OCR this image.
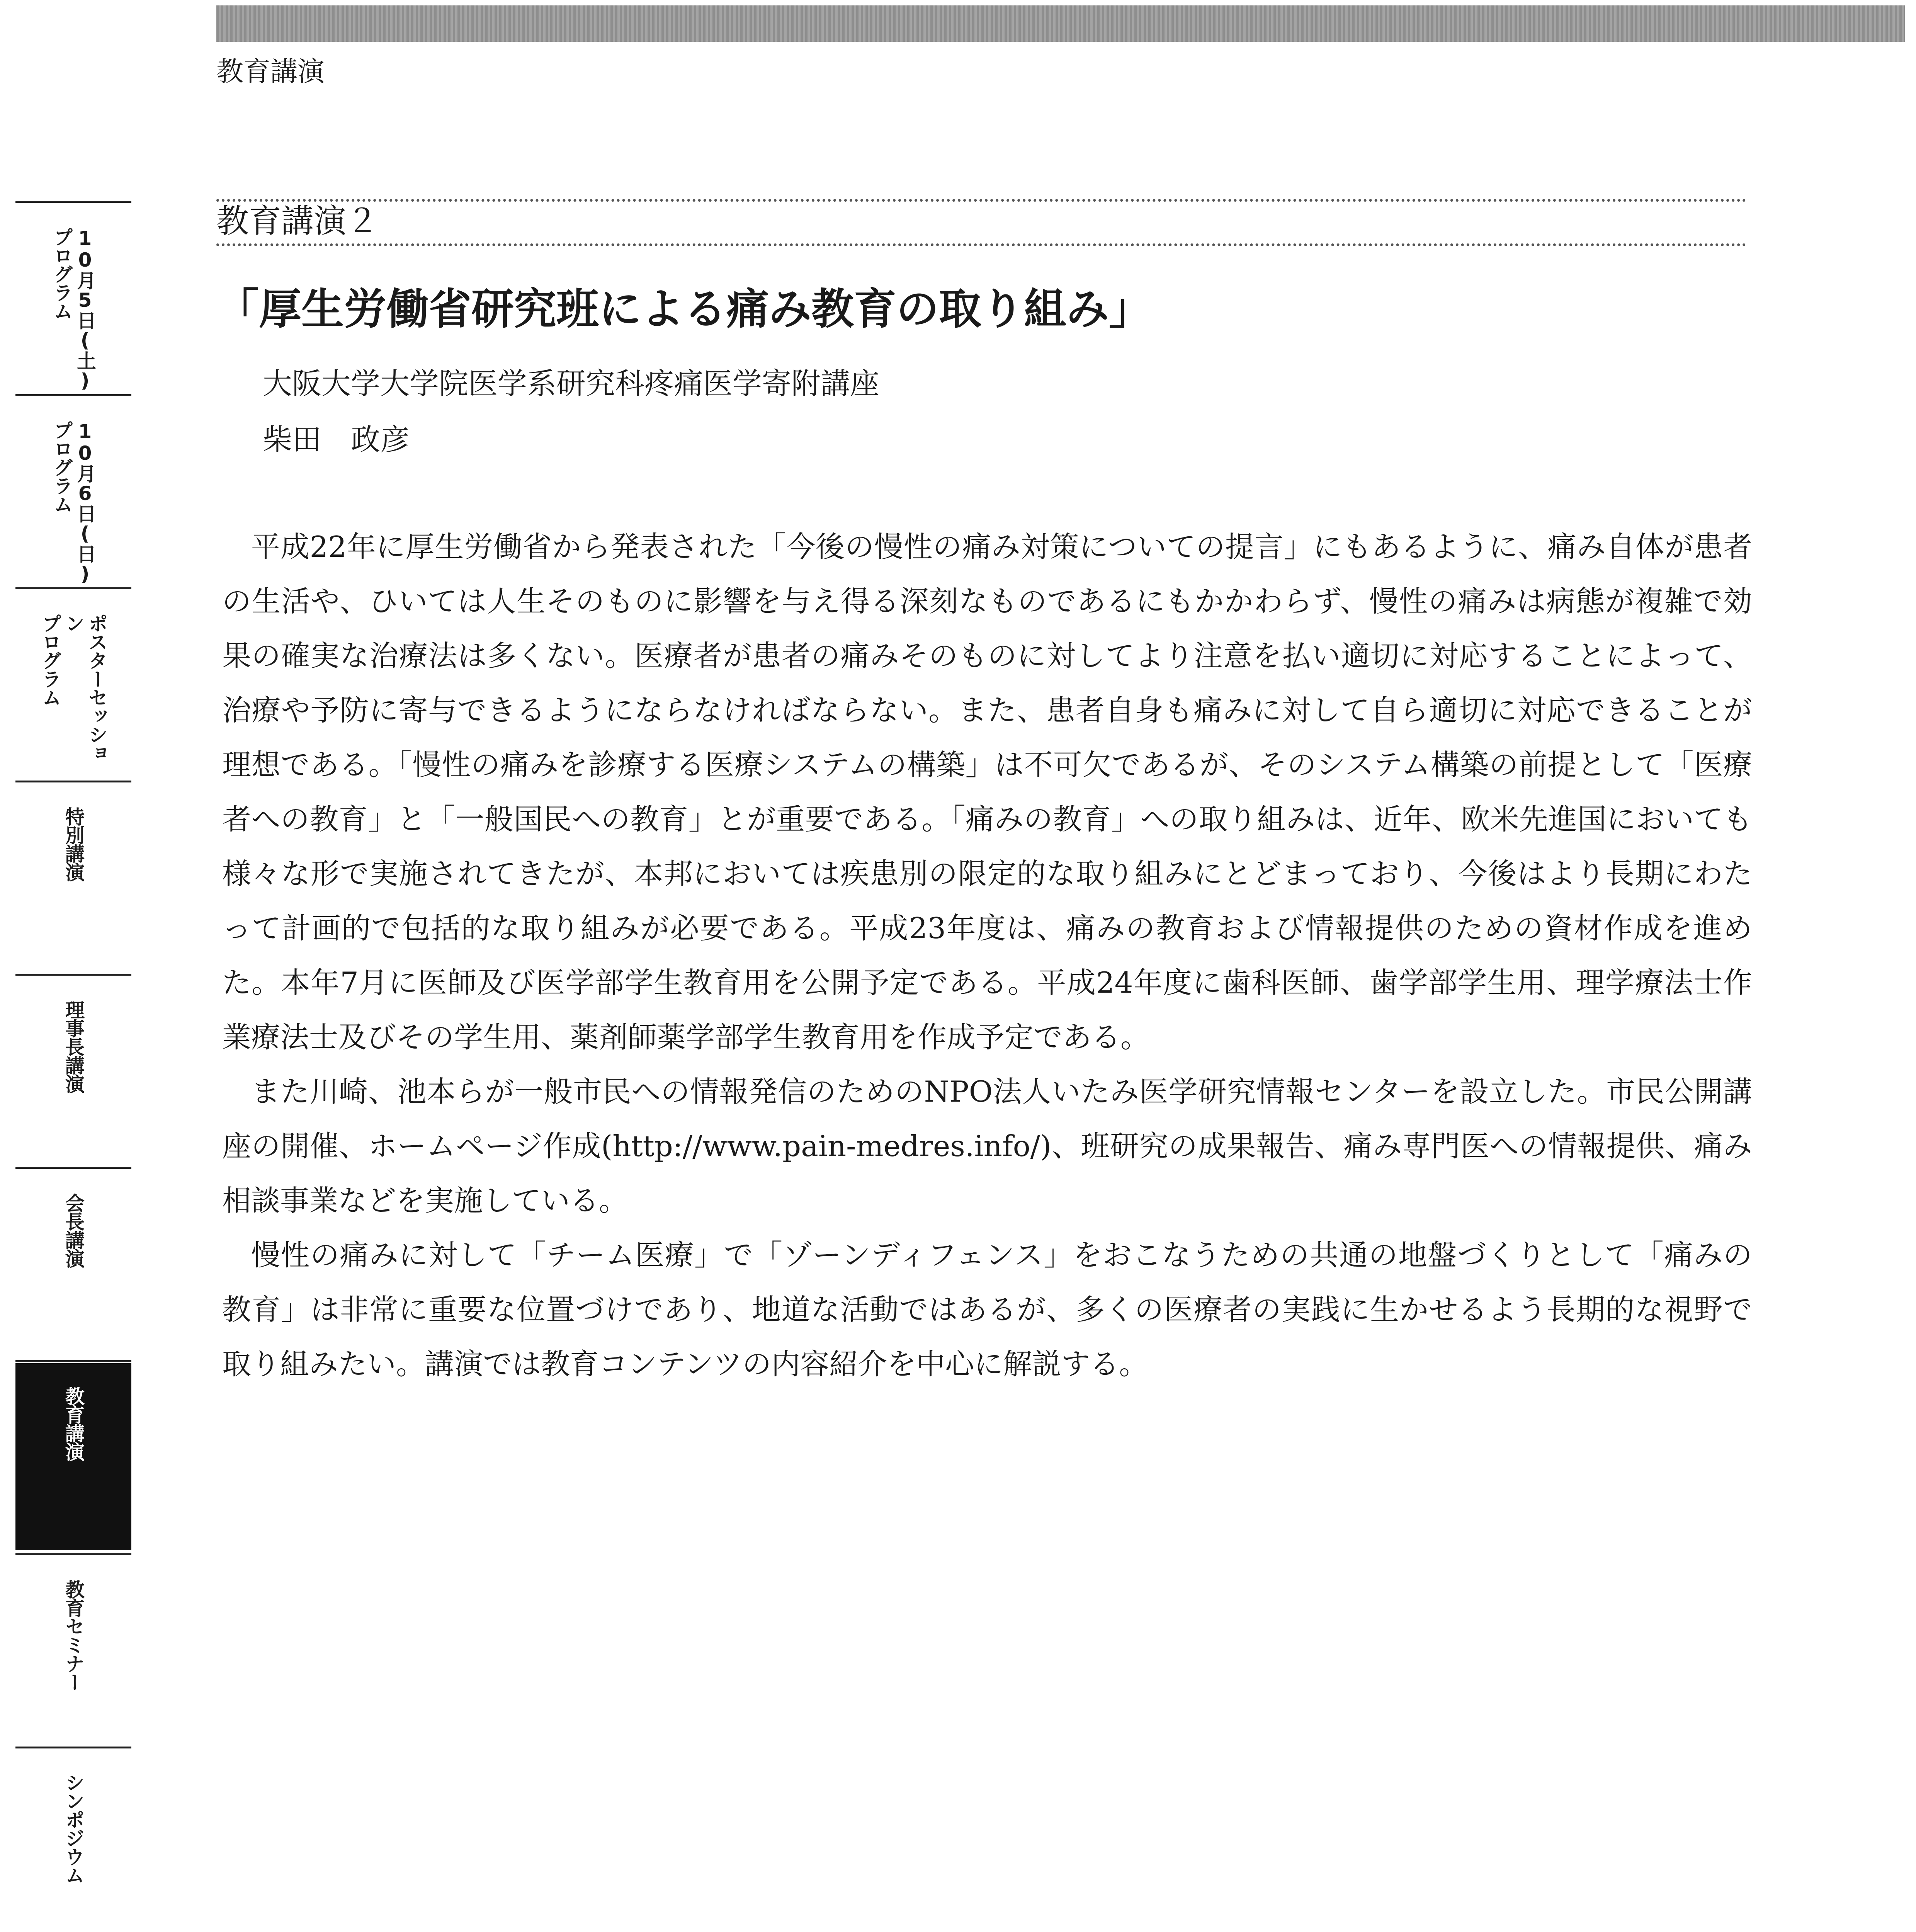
教育講演
教育講演２
「厚生労働省研究班による痛み教育の取り組み」
大阪大学大学院医学系研究科疼痛医学寄附講座
柴田　政彦

平成22年に厚生労働省から発表された「今後の慢性の痛み対策についての提言」にもあるように、痛み自体が患者の生活や、ひいては人生そのものに影響を与え得る深刻なものであるにもかかわらず、慢性の痛みは病態が複雑で効果の確実な治療法は多くない。医療者が患者の痛みそのものに対してより注意を払い適切に対応することによって、治療や予防に寄与できるようにならなければならない。また、患者自身も痛みに対して自ら適切に対応できることが理想である。「慢性の痛みを診療する医療システムの構築」は不可欠であるが、そのシステム構築の前提として「医療者への教育」と「一般国民への教育」とが重要である。「痛みの教育」への取り組みは、近年、欧米先進国においても様々な形で実施されてきたが、本邦においては疾患別の限定的な取り組みにとどまっており、今後はより長期にわたって計画的で包括的な取り組みが必要である。平成23年度は、痛みの教育および情報提供のための資材作成を進めた。本年7月に医師及び医学部学生教育用を公開予定である。平成24年度に歯科医師、歯学部学生用、理学療法士作業療法士及びその学生用、薬剤師薬学部学生教育用を作成予定である。

また川崎、池本らが一般市民への情報発信のためのNPO法人いたみ医学研究情報センターを設立した。市民公開講座の開催、ホームページ作成(http://www.pain-medres.info/)、班研究の成果報告、痛み専門医への情報提供、痛み相談事業などを実施している。

慢性の痛みに対して「チーム医療」で「ゾーンディフェンス」をおこなうための共通の地盤づくりとして「痛みの教育」は非常に重要な位置づけであり、地道な活動ではあるが、多くの医療者の実践に生かせるよう長期的な視野で取り組みたい。講演では教育コンテンツの内容紹介を中心に解説する。

10月5日(土)
プログラム
10月6日(日)
プログラム
ポスターセッション
プログラム
特別講演
理事長講演
会長講演
教育講演
教育セミナー
シンポジウム
